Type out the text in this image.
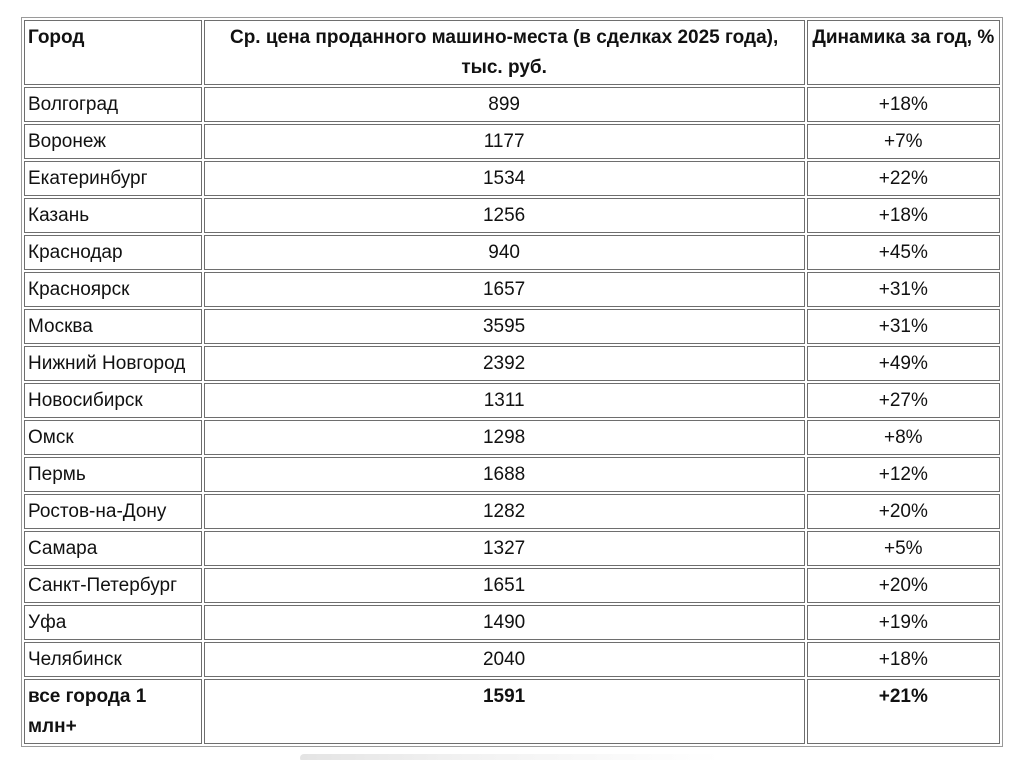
Город	Ср. цена проданного машино-места (в сделках 2025 года), тыс. руб.	Динамика за год, %
Волгоград	899	+18%
Воронеж	1177	+7%
Екатеринбург	1534	+22%
Казань	1256	+18%
Краснодар	940	+45%
Красноярск	1657	+31%
Москва	3595	+31%
Нижний Новгород	2392	+49%
Новосибирск	1311	+27%
Омск	1298	+8%
Пермь	1688	+12%
Ростов-на-Дону	1282	+20%
Самара	1327	+5%
Санкт-Петербург	1651	+20%
Уфа	1490	+19%
Челябинск	2040	+18%
все города 1 млн+	1591	+21%
